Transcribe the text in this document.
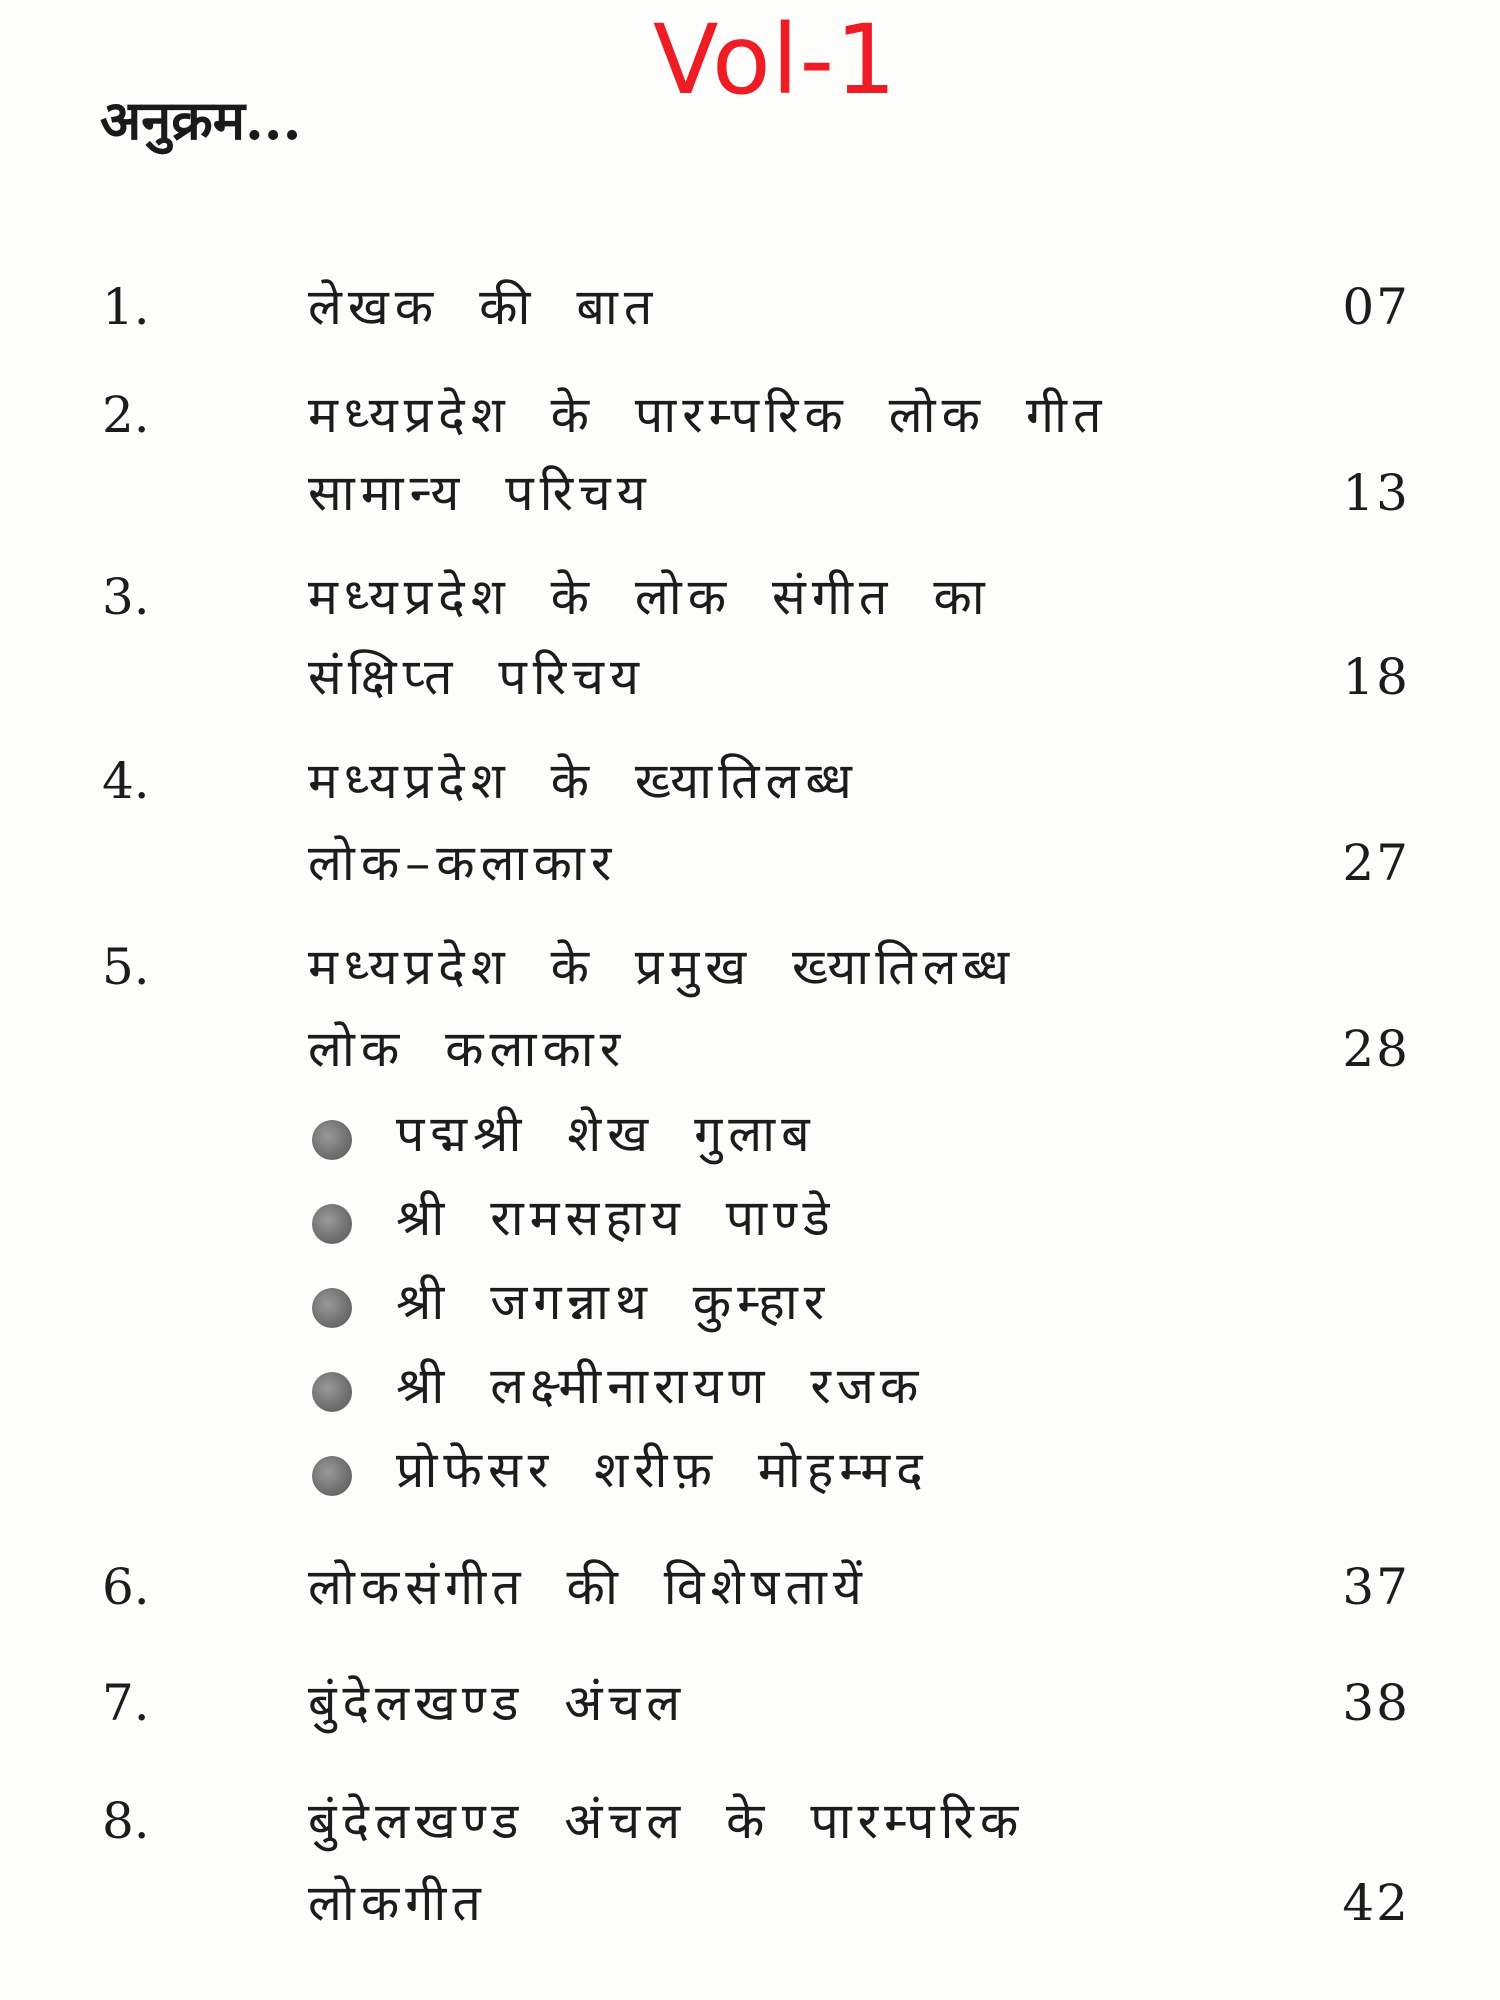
Vol-1
अनुक्रम...
1.	लेखक की बात	07
2.	मध्यप्रदेश के पारम्परिक लोक गीत
सामान्य परिचय	13
3.	मध्यप्रदेश के लोक संगीत का
संक्षिप्त परिचय	18
4.	मध्यप्रदेश के ख्यातिलब्ध
लोक–कलाकार	27
5.	मध्यप्रदेश के प्रमुख ख्यातिलब्ध
लोक कलाकार	28
पद्मश्री शेख गुलाब
श्री रामसहाय पाण्डे
श्री जगन्नाथ कुम्हार
श्री लक्ष्मीनारायण रजक
प्रोफेसर शरीफ़ मोहम्मद
6.	लोकसंगीत की विशेषतायें	37
7.	बुंदेलखण्ड अंचल	38
8.	बुंदेलखण्ड अंचल के पारम्परिक
लोकगीत	42
